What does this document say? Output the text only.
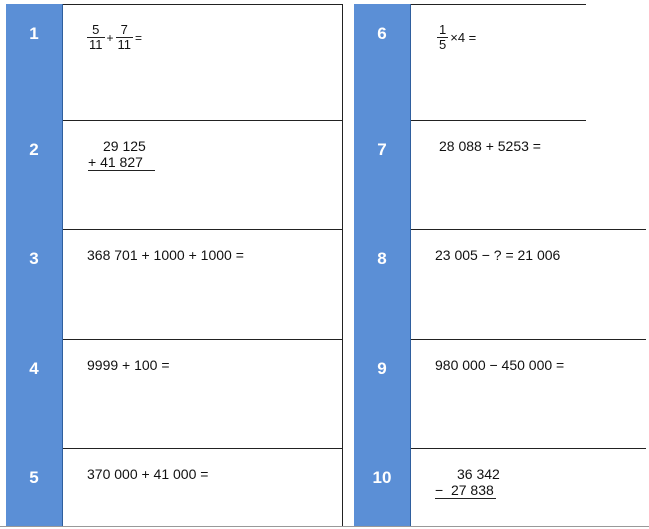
1	$\frac{5}{11} + \frac{7}{11}$ =
2	29 125
+ 41 827
3	368 701 + 1000 + 1000 =
4	9999 + 100 =
5	370 000 + 41 000 =
6	$\frac{1}{5} \times 4$ =
7	28 088 + 5253 =
8	23 005 − ? = 21 006
9	980 000 − 450 000 =
10	36 342
−  27 838
